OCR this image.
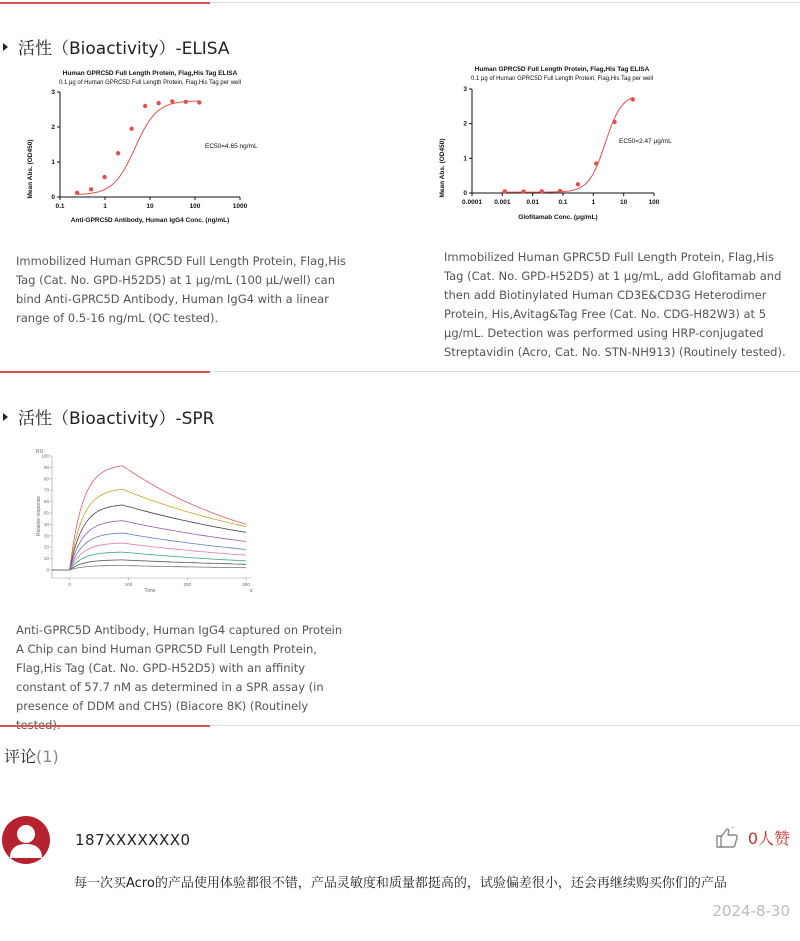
活性（Bioactivity）-ELISA
Human GPRC5D Full Length Protein, Flag,His Tag ELISA
0.1 μg of Human GPRC5D Full Length Protein, Flag,His Tag per well
0
1
2
3
0.1	1	10	100	1000
Anti-GPRC5D Antibody, Human IgG4 Conc. (ng/mL)
Mean Abs. (OD450)	EC50=4.65 ng/mL
Human GPRC5D Full Length Protein, Flag,His Tag ELISA
0.1 μg of Human GPRC5D Full Length Protein, Flag,His Tag per well
0
1
2
3
0.0001 0.001 0.01	0.1	1	10	100
Glofitamab Conc. (μg/mL)
Mean Abs. (OD450)	EC50=2.47 μg/mL

Immobilized Human GPRC5D Full Length Protein, Flag,His Tag (Cat. No. GPD-H52D5) at 1 μg/mL (100 μL/well) can bind Anti-GPRC5D Antibody, Human IgG4 with a linear range of 0.5-16 ng/mL (QC tested).

Immobilized Human GPRC5D Full Length Protein, Flag,His Tag (Cat. No. GPD-H52D5) at 1 μg/mL, add Glofitamab and then add Biotinylated Human CD3E&CD3G Heterodimer Protein, His,Avitag&Tag Free (Cat. No. CDG-H82W3) at 5 μg/mL. Detection was performed using HRP-conjugated Streptavidin (Acro, Cat. No. STN-NH913) (Routinely tested).

活性（Bioactivity）-SPR
RU
Relative response
Time	s
0
10
20
30
40
50
60
70
80
90
100
0	100	200	300

Anti-GPRC5D Antibody, Human IgG4 captured on Protein A Chip can bind Human GPRC5D Full Length Protein, Flag,His Tag (Cat. No. GPD-H52D5) with an affinity constant of 57.7 nM as determined in a SPR assay (in presence of DDM and CHS) (Biacore 8K) (Routinely

评论(1)
187XXXXXXX0	0人赞
每一次买Acro的产品使用体验都很不错，产品灵敏度和质量都挺高的，试验偏差很小，还会再继续购买你们的产品
2024-8-30
